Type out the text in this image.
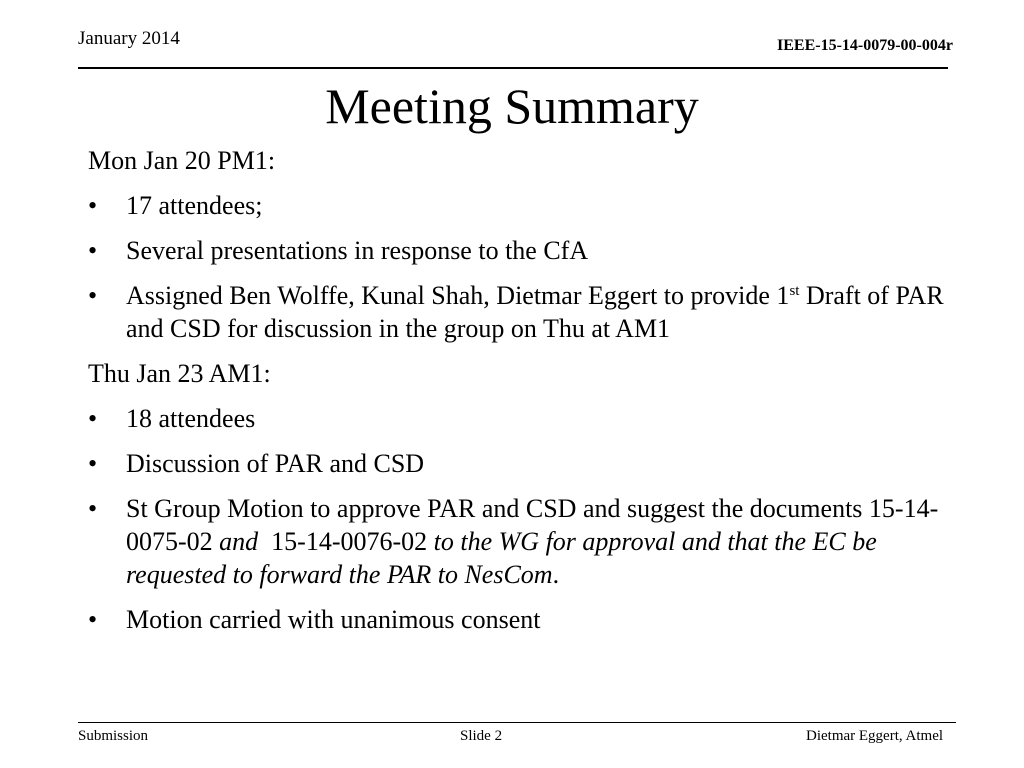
January 2014	IEEE-15-14-0079-00-004r
Meeting Summary

Mon Jan 20 PM1:

• 17 attendees;
• Several presentations in response to the CfA
• Assigned Ben Wolffe, Kunal Shah, Dietmar Eggert to provide 1st Draft of PAR and CSD for discussion in the group on Thu at AM1

Thu Jan 23 AM1:

• 18 attendees
• Discussion of PAR and CSD
• St Group Motion to approve PAR and CSD and suggest the documents 15-14-0075-02 and  15-14-0076-02 to the WG for approval and that the EC be requested to forward the PAR to NesCom.
• Motion carried with unanimous consent
Submission	Slide 2	Dietmar Eggert, Atmel
